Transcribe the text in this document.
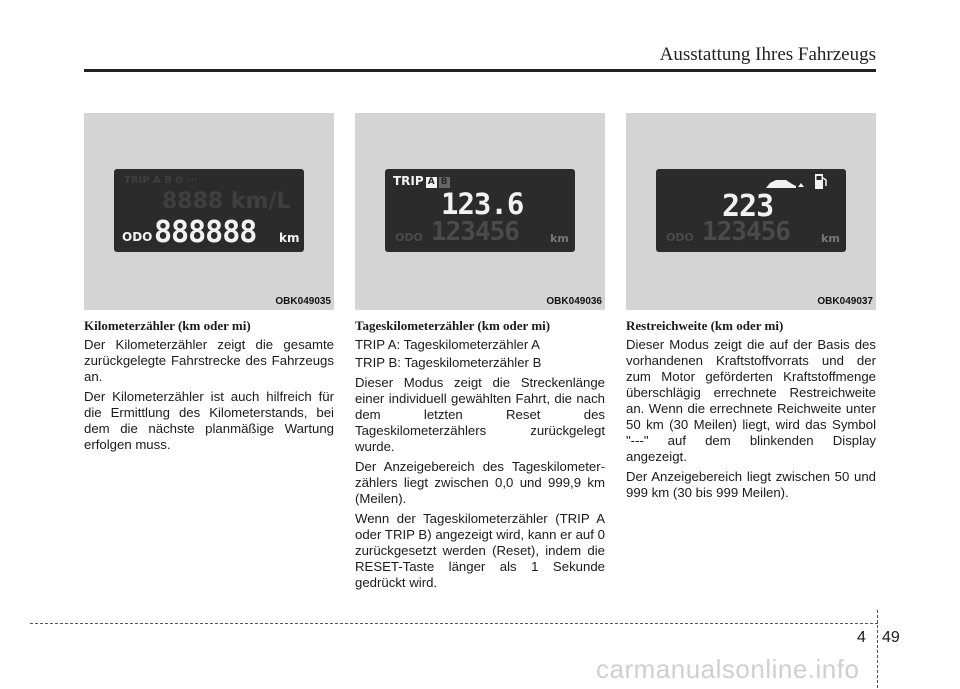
Ausstattung Ihres Fahrzeugs
TRIP A B ⏲ ∙∙∙
8888 km/L
ODO 888888 km
OBK049035
TRIP A B
123.6
ODO 123456	km
OBK049036
223
ODO 123456	km
OBK049037

Kilometerzähler (km oder mi)

Der Kilometerzähler zeigt die gesamte zurückgelegte Fahrstrecke des Fahrzeugs an.

Der Kilometerzähler ist auch hilfreich für die Ermittlung des Kilometerstands, bei dem die nächste planmäßige Wartung erfolgen muss.

Tageskilometerzähler (km oder mi)

TRIP A: Tageskilometerzähler A

TRIP B: Tageskilometerzähler B

Dieser Modus zeigt die Streckenlänge einer individuell gewählten Fahrt, die nach dem letzten Reset des Tageskilometerzählers zurückgelegt wurde.

Der Anzeigebereich des Tageskilometer- zählers liegt zwischen 0,0 und 999,9 km (Meilen).

Wenn der Tageskilometerzähler (TRIP A oder TRIP B) angezeigt wird, kann er auf 0 zurückgesetzt werden (Reset), indem die RESET-Taste länger als 1 Sekunde gedrückt wird.

Restreichweite (km oder mi)

Dieser Modus zeigt die auf der Basis des vorhandenen Kraftstoffvorrats und der zum Motor geförderten Kraftstoffmenge überschlägig errechnete Restreichweite an. Wenn die errechnete Reichweite unter 50 km (30 Meilen) liegt, wird das Symbol "---" auf dem blinkenden Display angezeigt.

Der Anzeigebereich liegt zwischen 50 und 999 km (30 bis 999 Meilen).

4 49
carmanualsonline.info
